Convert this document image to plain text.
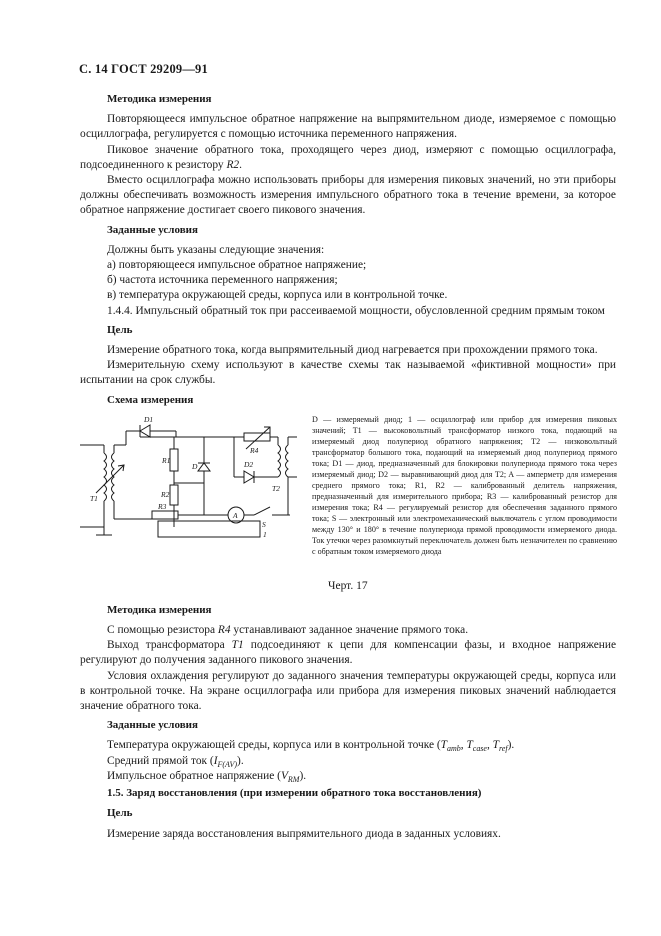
С. 14 ГОСТ 29209—91
Методика измерения

Повторяющееся импульсное обратное напряжение на выпрямительном диоде, измеряемое с помощью осциллографа, регулируется с помощью источника переменного напряжения.

Пиковое значение обратного тока, проходящего через диод, измеряют с помощью осциллографа, подсоединенного к резистору R2.

Вместо осциллографа можно использовать приборы для измерения пиковых значений, но эти приборы должны обеспечивать возможность измерения импульсного обратного тока в течение времени, за которое обратное напряжение достигает своего пикового значения.

Заданные условия

Должны быть указаны следующие значения:

а) повторяющееся импульсное обратное напряжение;
б) частота источника переменного напряжения;
в) температура окружающей среды, корпуса или в контрольной точке.

1.4.4. Импульсный обратный ток при рассеиваемой мощности, обусловленной средним прямым током

Цель

Измерение обратного тока, когда выпрямительный диод нагревается при прохождении прямого тока.

Измерительную схему используют в качестве схемы так называемой «фиктивной мощности» при испытании на срок службы.

Схема измерения
D1
R1
D
R2
R3
T1
A
S
1
R4
D2
T2
D — измеряемый диод; 1 — осциллограф или прибор для измерения пиковых значений; T1 — высоковольтный трансформатор низкого тока, подающий на измеряемый диод полупериод обратного напряжения; T2 — низковольтный трансформатор большого тока, подающий на измеряемый диод полупериод прямого тока; D1 — диод, предназначенный для блокировки полупериода прямого тока через измеряемый диод; D2 — выравнивающий диод для T2; A — амперметр для измерения среднего прямого тока; R1, R2 — калиброванный делитель напряжения, предназначенный для измерительного прибора; R3 — калиброванный резистор для измерения тока; R4 — регулируемый резистор для обеспечения заданного прямого тока; S — электронный или электромеханический выключатель с углом проводимости между 130° и 180° в течение полупериода прямой проводимости измеряемого диода. Ток утечки через разомкнутый переключатель должен быть незначителен по сравнению с обратным током измеряемого диода
Черт. 17
Методика измерения

С помощью резистора R4 устанавливают заданное значение прямого тока.

Выход трансформатора T1 подсоединяют к цепи для компенсации фазы, и входное напряжение регулируют до получения заданного пикового значения.

Условия охлаждения регулируют до заданного значения температуры окружающей среды, корпуса или в контрольной точке. На экране осциллографа или прибора для измерения пиковых значений наблюдается значение обратного тока.

Заданные условия

Температура окружающей среды, корпуса или в контрольной точке ($T_{amb}$, $T_{case}$, $T_{ref}$).

Средний прямой ток $(I_{F(AV)})$.

Импульсное обратное напряжение $(V_{RM})$.

1.5. Заряд восстановления (при измерении обратного тока восстановления)
Цель

Измерение заряда восстановления выпрямительного диода в заданных условиях.
